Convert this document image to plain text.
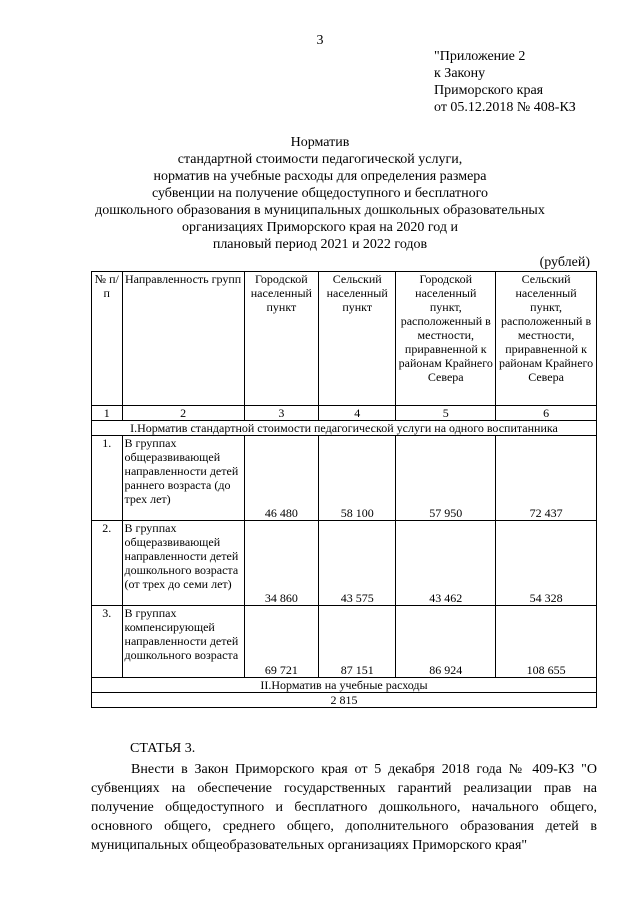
3
"Приложение 2
к Закону
Приморского края
от 05.12.2018 № 408-КЗ
Норматив
стандартной стоимости педагогической услуги,
норматив на учебные расходы для определения размера
субвенции на получение общедоступного и бесплатного
дошкольного образования в муниципальных дошкольных образовательных
организациях Приморского края на 2020 год и
плановый период 2021 и 2022 годов
(рублей)
№ п/п	Направленность групп	Городской населенный пункт	Сельский населенный пункт	Городской населенный пункт, расположенный в местности, приравненной к районам Крайнего Севера	Сельский населенный пункт, расположенный в местности, приравненной к районам Крайнего Севера
1	2	3	4	5	6
I.Норматив стандартной стоимости педагогической услуги на одного воспитанника					
1.	В группах общеразвивающей направленности детей раннего возраста (до трех лет)	46 480	58 100	57 950	72 437
2.	В группах общеразвивающей направленности детей дошкольного возраста (от трех до семи лет)	34 860	43 575	43 462	54 328
3.	В группах компенсирующей направленности детей дошкольного возраста	69 721	87 151	86 924	108 655
II.Норматив на учебные расходы					
2 815					
СТАТЬЯ 3.

Внести в Закон Приморского края от 5 декабря 2018 года № 409-КЗ "О субвенциях на обеспечение государственных гарантий реализации прав на получение общедоступного и бесплатного дошкольного, начального общего, основного общего, среднего общего, дополнительного образования детей в муниципальных общеобразовательных организациях Приморского края"
